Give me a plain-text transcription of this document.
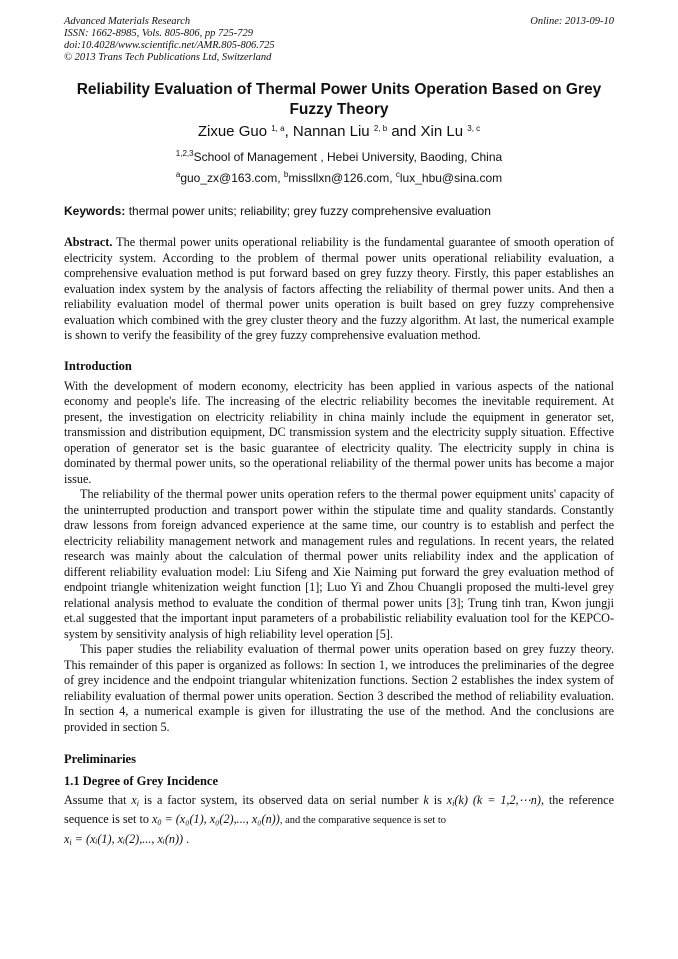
Advanced Materials Research
ISSN: 1662-8985, Vols. 805-806, pp 725-729
doi:10.4028/www.scientific.net/AMR.805-806.725
© 2013 Trans Tech Publications Ltd, Switzerland
Online: 2013-09-10
Reliability Evaluation of Thermal Power Units Operation Based on Grey Fuzzy Theory
Zixue Guo $^{1, a}$, Nannan Liu $^{2, b}$ and Xin Lu $^{3, c}$
$^{1,2,3}$School of Management , Hebei University, Baoding, China
$^a$guo_zx@163.com, $^b$missllxn@126.com, $^c$lux_hbu@sina.com
Keywords: thermal power units; reliability; grey fuzzy comprehensive evaluation

Abstract. The thermal power units operational reliability is the fundamental guarantee of smooth operation of electricity system. According to the problem of thermal power units operational reliability evaluation, a comprehensive evaluation method is put forward based on grey fuzzy theory. Firstly, this paper establishes an evaluation index system by the analysis of factors affecting the reliability of thermal power units. And then a reliability evaluation model of thermal power units operation is built based on grey fuzzy comprehensive evaluation which combined with the grey cluster theory and the fuzzy algorithm. At last, the numerical example is shown to verify the feasibility of the grey fuzzy comprehensive evaluation method.

Introduction

With the development of modern economy, electricity has been applied in various aspects of the national economy and people's life. The increasing of the electric reliability becomes the inevitable requirement. At present, the investigation on electricity reliability in china mainly include the equipment in generator set, transmission and distribution equipment, DC transmission system and the electricity supply situation. Effective operation of generator set is the basic guarantee of electricity quality. The electricity supply in china is dominated by thermal power units, so the operational reliability of the thermal power units has become a major issue.

The reliability of the thermal power units operation refers to the thermal power equipment units' capacity of the uninterrupted production and transport power within the stipulate time and quality standards. Constantly draw lessons from foreign advanced experience at the same time, our country is to establish and perfect the electricity reliability management network and management rules and regulations. In recent years, the related research was mainly about the calculation of thermal power units reliability index and the application of different reliability evaluation model: Liu Sifeng and Xie Naiming put forward the grey evaluation method of endpoint triangle whitenization weight function [1]; Luo Yi and Zhou Chuangli proposed the multi-level grey relational analysis method to evaluate the condition of thermal power units [3]; Trung tinh tran, Kwon jungji et.al suggested that the important input parameters of a probabilistic reliability evaluation tool for the KEPCO-system by sensitivity analysis of high reliability level operation [5].

This paper studies the reliability evaluation of thermal power units operation based on grey fuzzy theory. This remainder of this paper is organized as follows: In section 1, we introduces the preliminaries of the degree of grey incidence and the endpoint triangular whitenization functions. Section 2 establishes the index system of reliability evaluation of thermal power units operation. Section 3 described the method of reliability evaluation. In section 4, a numerical example is given for illustrating the use of the method. And the conclusions are provided in section 5.

Preliminaries
1.1 Degree of Grey Incidence

Assume that $x_i$ is a factor system, its observed data on serial number k is $x_i(k) (k$ = 1,2,⋯n), the reference sequence is set to $x_0 = (x_0(1)$, x₀(2),..., x₀(n)), and the comparative sequence is set to
$x_i$ = (xᵢ(1), xᵢ(2),..., xᵢ(n)) .
